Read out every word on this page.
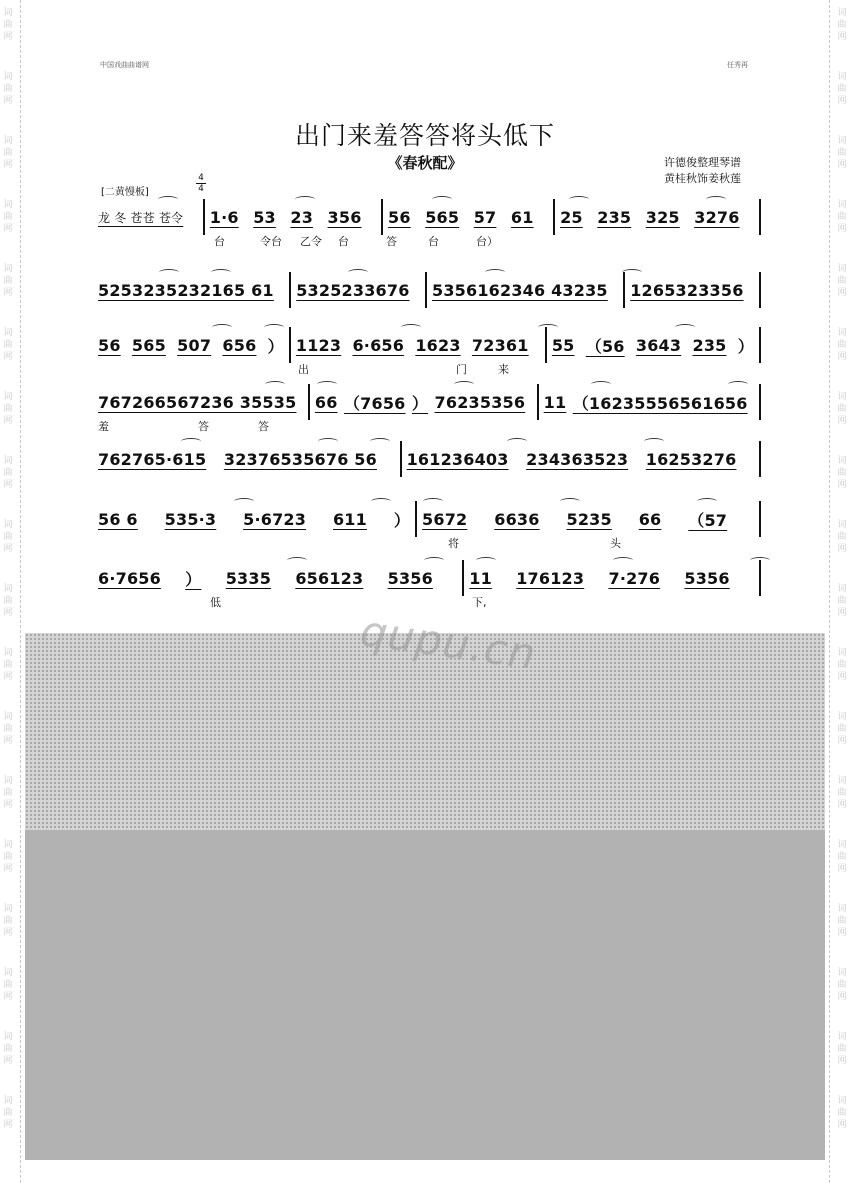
词
曲
网
词
曲
网
词
曲
网
词
曲
网
词
曲
网
词
曲
网
词
曲
网
词
曲
网
词
曲
网
词
曲
网
词
曲
网
词
曲
网
词
曲
网
词
曲
网
词
曲
网
词
曲
网
词
曲
网
词
曲
网
词
曲
网
词
曲
网
词
曲
网
词
曲
网
词
曲
网
词
曲
网
词
曲
网
词
曲
网
词
曲
网
词
曲
网
词
曲
网
词
曲
网
词
曲
网
词
曲
网
词
曲
网
词
曲
网
词
曲
网
词
曲
网
中国戏曲曲谱网	任秀再
出门来羞答答将头低下
《春秋配》	许德俊整理琴谱
黄桂秋饰姜秋莲
[二黄慢板]
4
4
龙 冬 苍苍 苍令 1·6 53 23 356 56 565 57 61 25 235 325 3276
台	令台 乙令 台	答	台	台）
5253235232165 61 5325233676 5356162346 43235 1265323356
56 565 507 656 ） 1123 6·656 1623 72361 55 （56 3643 235 ）
出	门	来
767266567236 35535 66 （7656 ） 76235356 11 （16235556561656
羞	答	答
762765·615 32376535676 56 161236403 234363523 16253276
56 6 535·3 5·6723 611 ） 5672 6636 5235 66 （57
将	头
6·7656 ） 5335 656123 5356 11 176123 7·276 5356
低	下,
qupu.cn
